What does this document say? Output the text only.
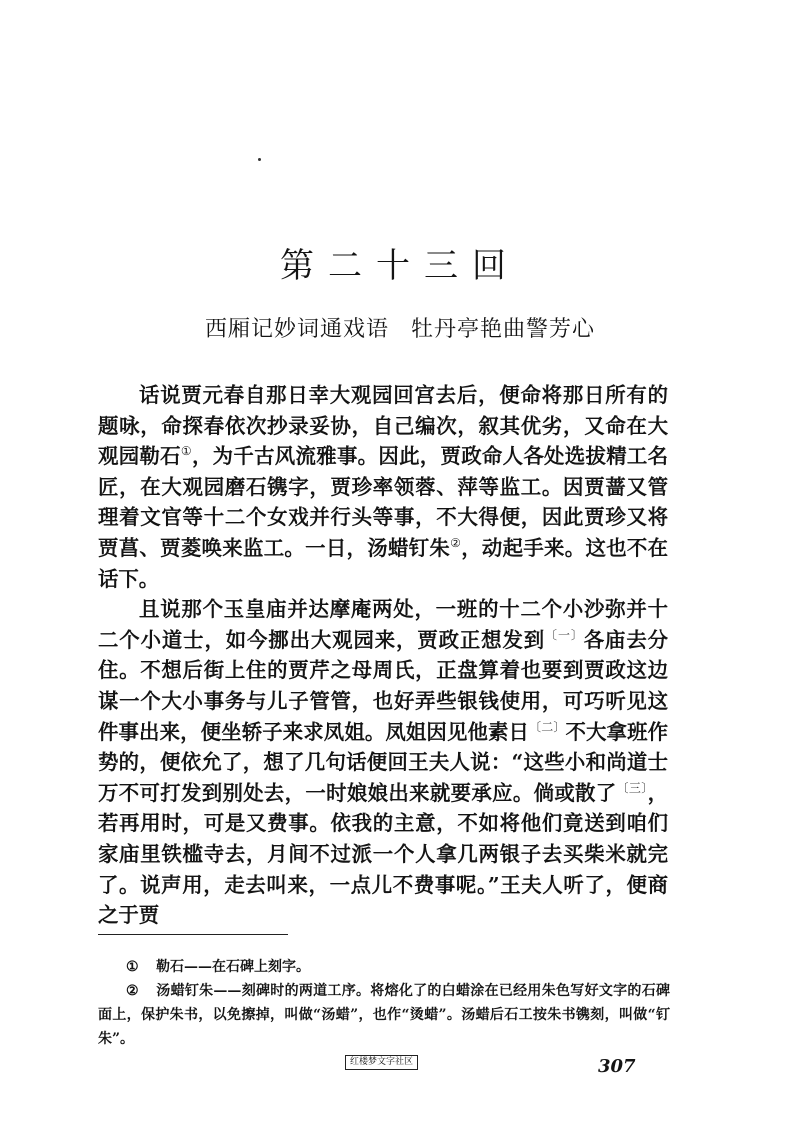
第二十三回
西厢记妙词通戏语 牡丹亭艳曲警芳心

话说贾元春自那日幸大观园回宫去后，便命将那日所有的题咏，命探春依次抄录妥协，自己编次，叙其优劣，又命在大观园勒石①，为千古风流雅事。因此，贾政命人各处选拔精工名匠，在大观园磨石镌字，贾珍率领蓉、萍等监工。因贾蔷又管理着文官等十二个女戏并行头等事，不大得便，因此贾珍又将贾菖、贾菱唤来监工。一日，汤蜡钉朱②，动起手来。这也不在话下。

且说那个玉皇庙并达摩庵两处，一班的十二个小沙弥并十二个小道士，如今挪出大观园来，贾政正想发到$^{〔一〕}$各庙去分住。不想后街上住的贾芹之母周氏，正盘算着也要到贾政这边谋一个大小事务与儿子管管，也好弄些银钱使用，可巧听见这件事出来，便坐轿子来求凤姐。凤姐因见他素日$^{〔二〕}$不大拿班作势的，便依允了，想了几句话便回王夫人说：“这些小和尚道士万不可打发到别处去，一时娘娘出来就要承应。倘或散了$^{〔三〕}$，若再用时，可是又费事。依我的主意，不如将他们竟送到咱们家庙里铁槛寺去，月间不过派一个人拿几两银子去买柴米就完了。说声用，走去叫来，一点儿不费事呢。”王夫人听了，便商之于贾

① 勒石——在石碑上刻字。

② 汤蜡钉朱——刻碑时的两道工序。将熔化了的白蜡涂在已经用朱色写好文字的石碑面上，保护朱书，以免擦掉，叫做“汤蜡”，也作“烫蜡”。汤蜡后石工按朱书镌刻，叫做“钉朱”。

红楼梦文字社区	307
